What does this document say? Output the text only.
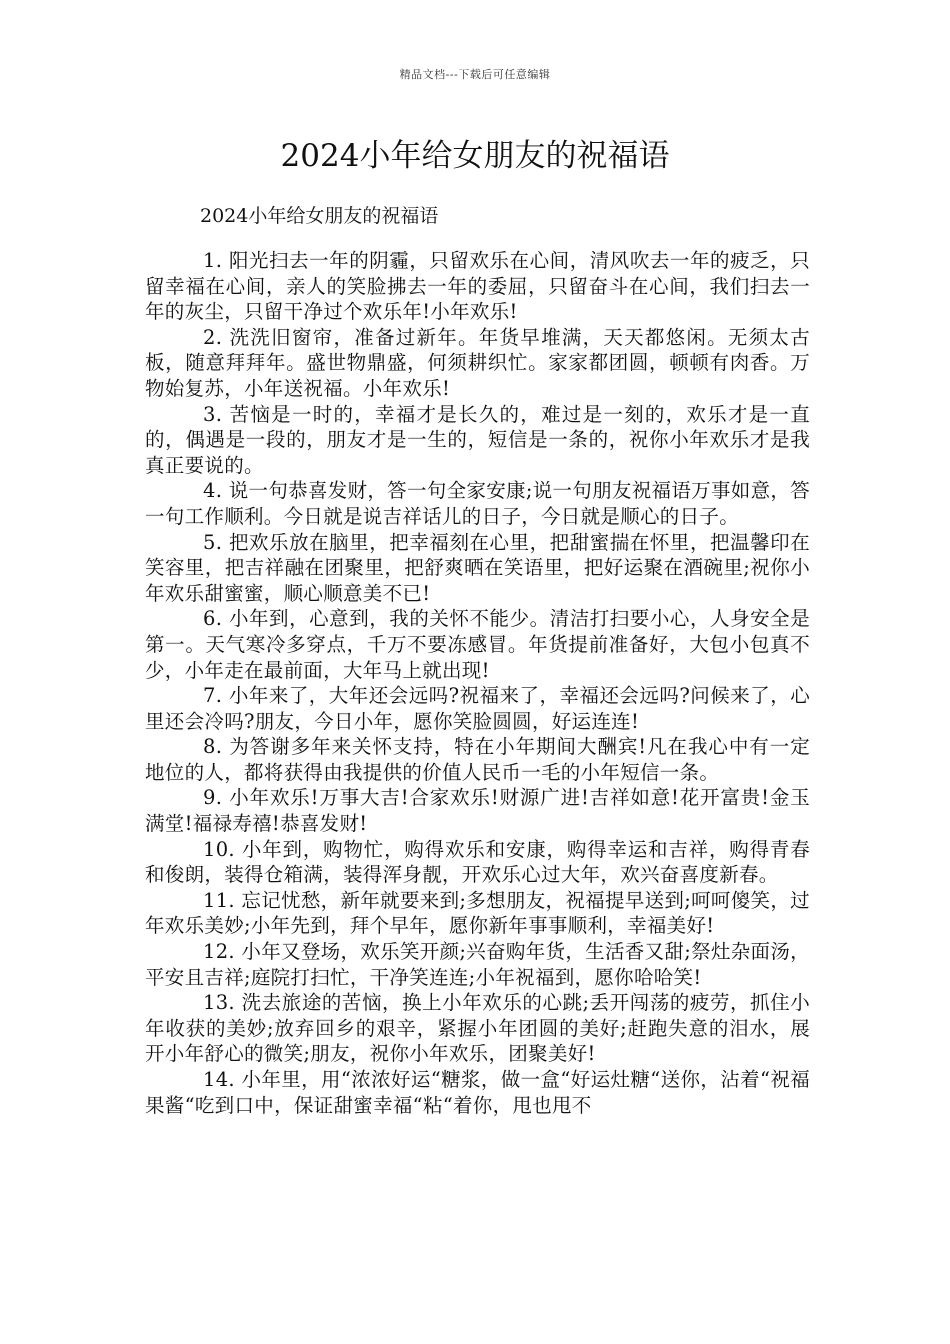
精品文档---下载后可任意编辑
2024小年给女朋友的祝福语

2024小年给女朋友的祝福语

1. 阳光扫去一年的阴霾，只留欢乐在心间，清风吹去一年的疲乏，只留幸福在心间，亲人的笑脸拂去一年的委屈，只留奋斗在心间，我们扫去一年的灰尘，只留干净过个欢乐年!小年欢乐!

2. 洗洗旧窗帘，准备过新年。年货早堆满，天天都悠闲。无须太古板，随意拜拜年。盛世物鼎盛，何须耕织忙。家家都团圆，顿顿有肉香。万物始复苏，小年送祝福。小年欢乐!

3. 苦恼是一时的，幸福才是长久的，难过是一刻的，欢乐才是一直的，偶遇是一段的，朋友才是一生的，短信是一条的，祝你小年欢乐才是我真正要说的。

4. 说一句恭喜发财，答一句全家安康;说一句朋友祝福语万事如意，答一句工作顺利。今日就是说吉祥话儿的日子，今日就是顺心的日子。

5. 把欢乐放在脑里，把幸福刻在心里，把甜蜜揣在怀里，把温馨印在笑容里，把吉祥融在团聚里，把舒爽晒在笑语里，把好运聚在酒碗里;祝你小年欢乐甜蜜蜜，顺心顺意美不已!

6. 小年到，心意到，我的关怀不能少。清洁打扫要小心，人身安全是第一。天气寒冷多穿点，千万不要冻感冒。年货提前准备好，大包小包真不少，小年走在最前面，大年马上就出现!

7. 小年来了，大年还会远吗?祝福来了，幸福还会远吗?问候来了，心里还会冷吗?朋友，今日小年，愿你笑脸圆圆，好运连连!

8. 为答谢多年来关怀支持，特在小年期间大酬宾!凡在我心中有一定地位的人，都将获得由我提供的价值人民币一毛的小年短信一条。

9. 小年欢乐!万事大吉!合家欢乐!财源广进!吉祥如意!花开富贵!金玉满堂!福禄寿禧!恭喜发财!

10. 小年到，购物忙，购得欢乐和安康，购得幸运和吉祥，购得青春和俊朗，装得仓箱满，装得浑身靓，开欢乐心过大年，欢兴奋喜度新春。

11. 忘记忧愁，新年就要来到;多想朋友，祝福提早送到;呵呵傻笑，过年欢乐美妙;小年先到，拜个早年，愿你新年事事顺利，幸福美好!

12. 小年又登场，欢乐笑开颜;兴奋购年货，生活香又甜;祭灶杂面汤，平安且吉祥;庭院打扫忙，干净笑连连;小年祝福到，愿你哈哈笑!

13. 洗去旅途的苦恼，换上小年欢乐的心跳;丢开闯荡的疲劳，抓住小年收获的美妙;放弃回乡的艰辛，紧握小年团圆的美好;赶跑失意的泪水，展开小年舒心的微笑;朋友，祝你小年欢乐，团聚美好!

14. 小年里，用“浓浓好运“糖浆，做一盒“好运灶糖“送你，沾着“祝福果酱“吃到口中，保证甜蜜幸福“粘“着你，甩也甩不
